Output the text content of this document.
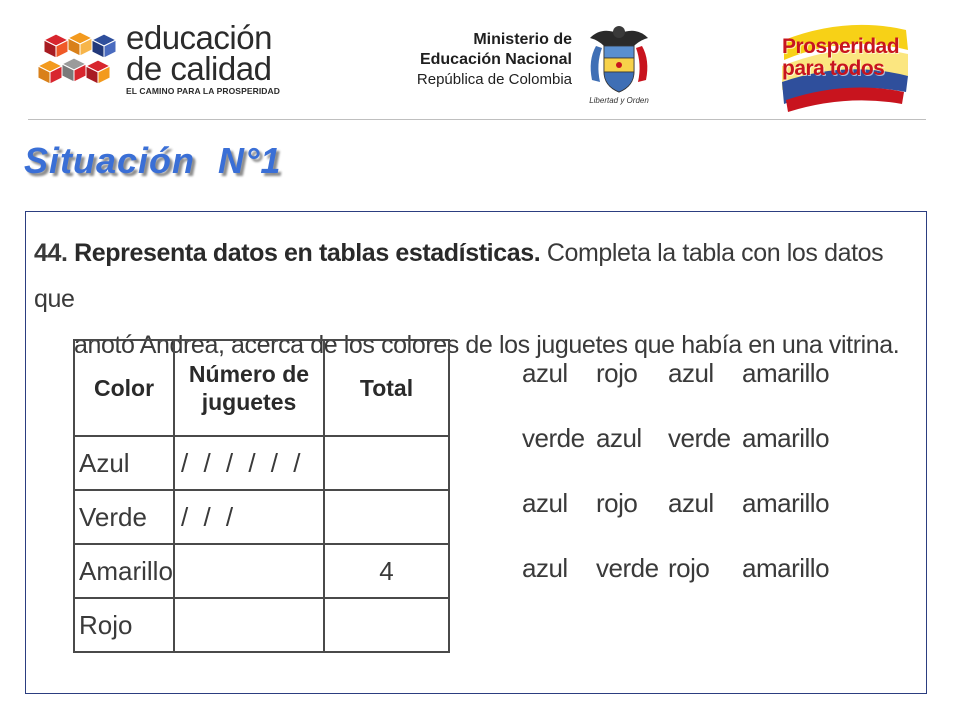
educación
de calidad
EL CAMINO PARA LA PROSPERIDAD
Ministerio de
Educación Nacional
República de Colombia
Libertad y Orden
Prosperidad
para todos
Situación N°1
44. Representa datos en tablas estadísticas. Completa la tabla con los datos que
anotó Andrea, acerca de los colores de los juguetes que había en una vitrina.
Color	Número de juguetes	Total
Azul	/ / / / / /	
Verde	/ / /	
Amarillo		4
Rojo		
azul rojo azul amarillo
verde azul verde amarillo
azul rojo azul amarillo
azul verde rojo amarillo
